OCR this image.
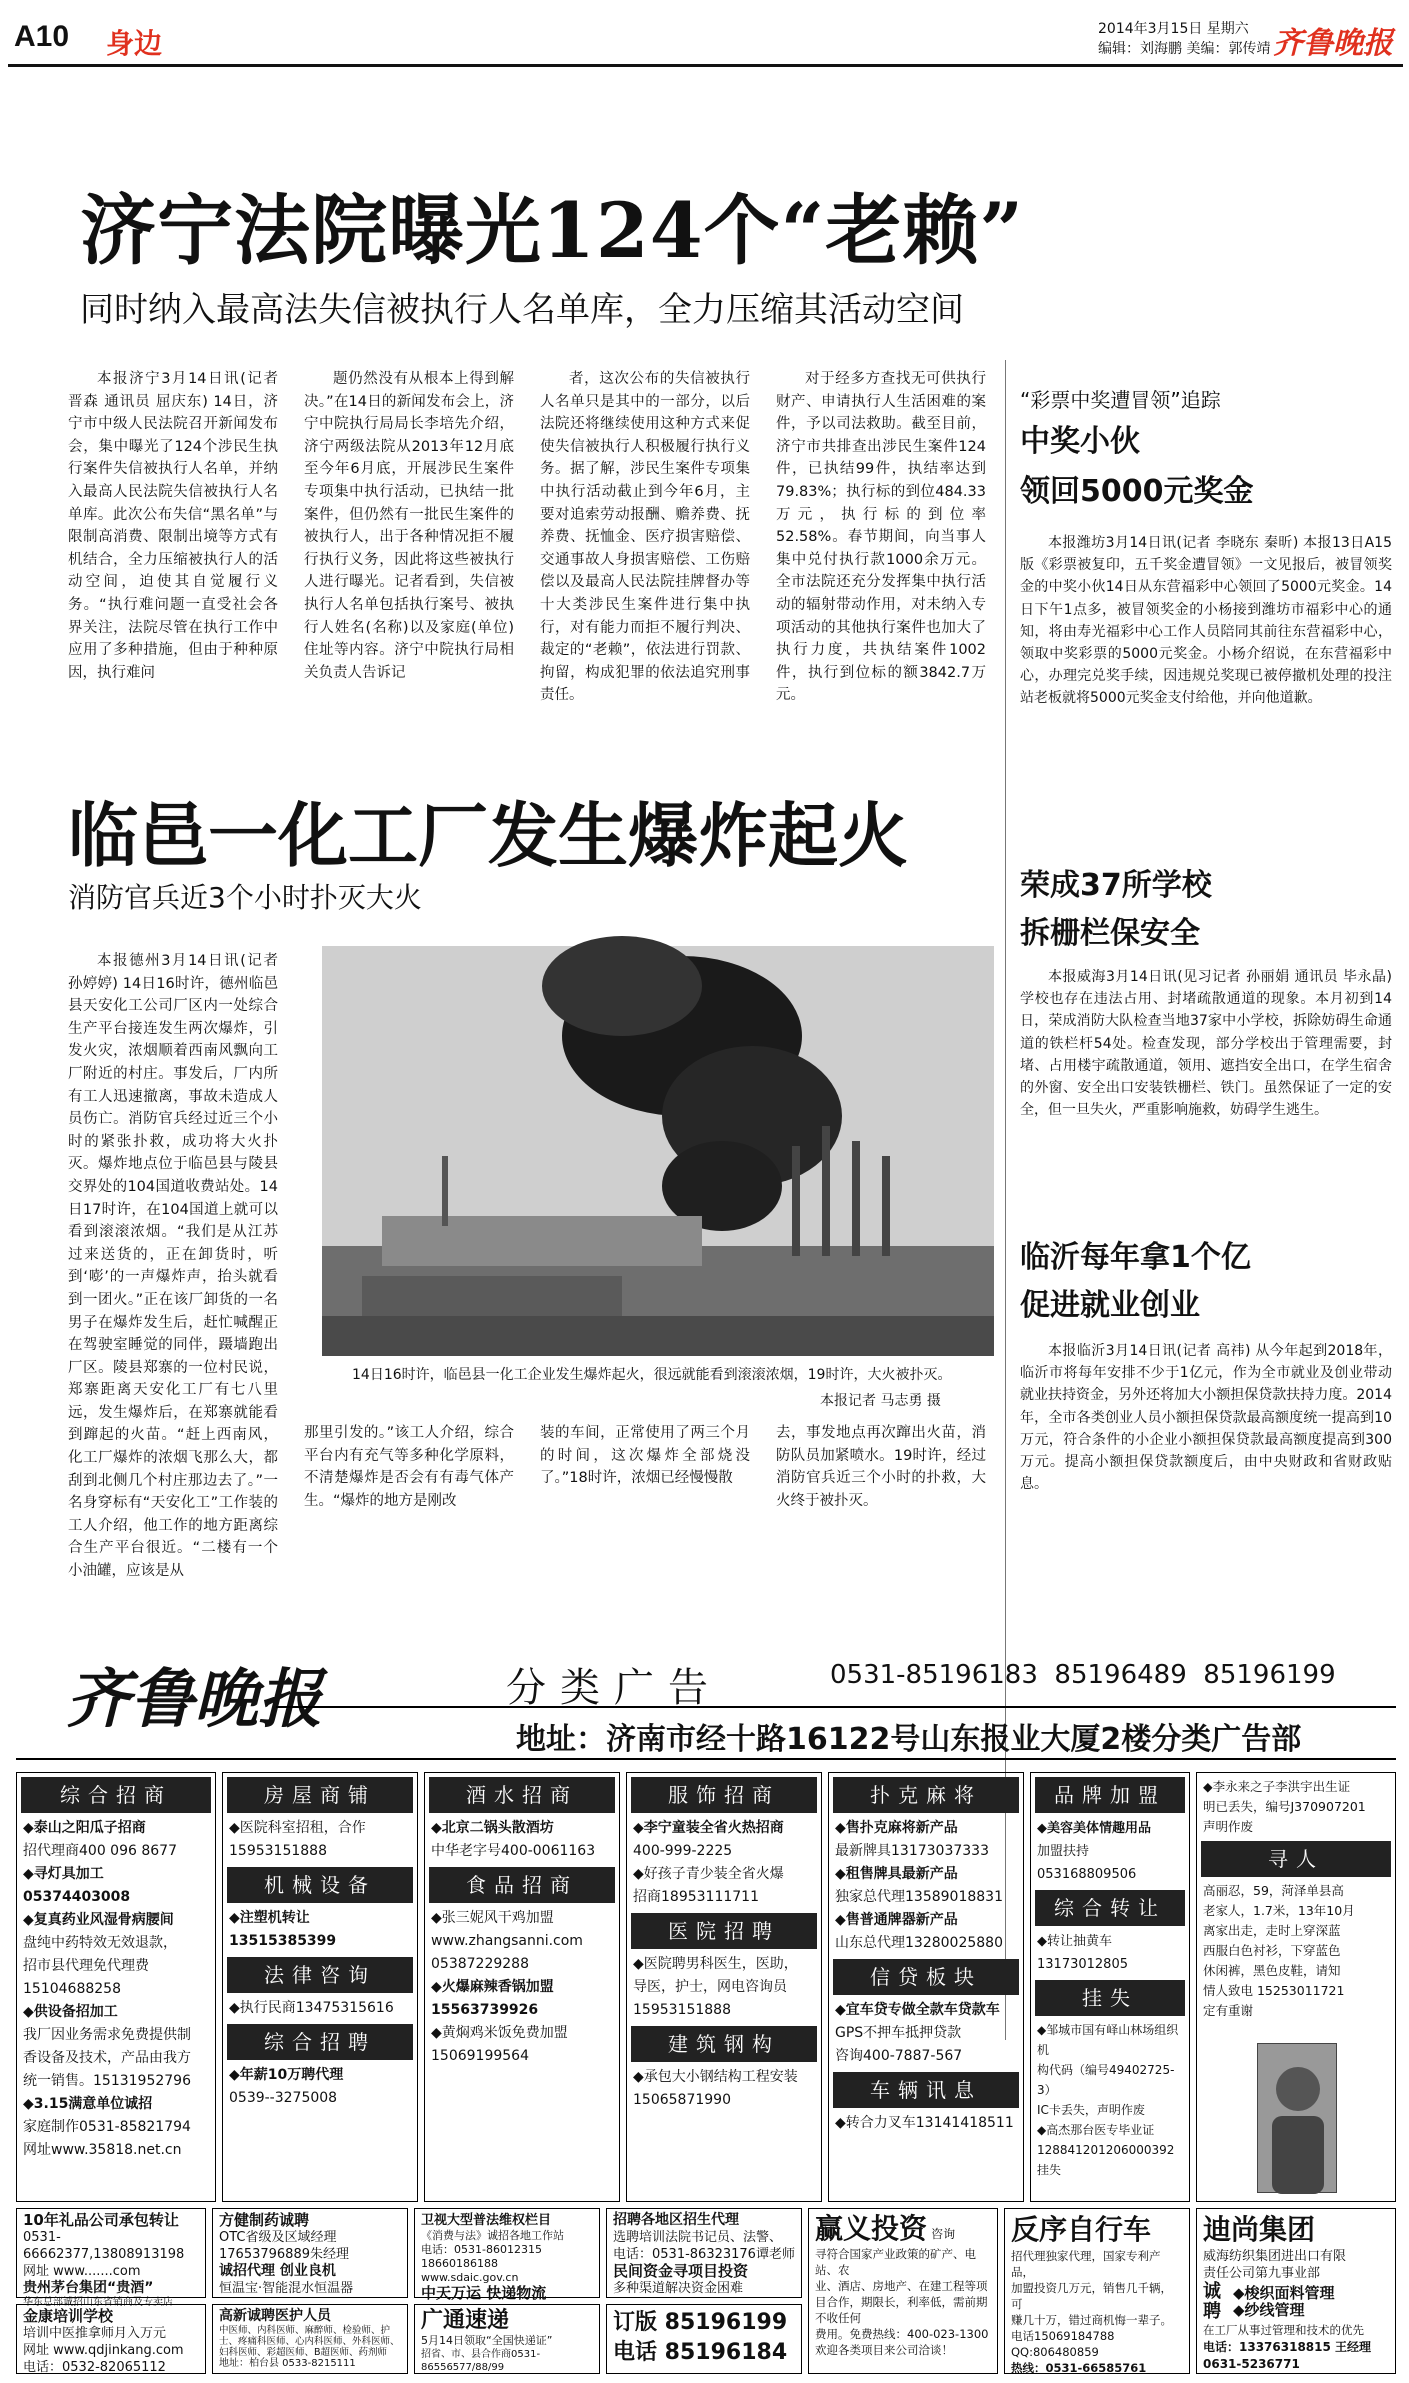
A10 身边	2014年3月15日 星期六
编辑：刘海鹏 美编：郭传靖 齐鲁晚报
济宁法院曝光124个“老赖”
同时纳入最高法失信被执行人名单库，全力压缩其活动空间

本报济宁3月14日讯(记者 晋森 通讯员 屈庆东) 14日，济宁市中级人民法院召开新闻发布会，集中曝光了124个涉民生执行案件失信被执行人名单，并纳入最高人民法院失信被执行人名单库。此次公布失信“黑名单”与限制高消费、限制出境等方式有机结合，全力压缩被执行人的活动空间，迫使其自觉履行义务。“执行难问题一直受社会各界关注，法院尽管在执行工作中应用了多种措施，但由于种种原因，执行难问

题仍然没有从根本上得到解决。”在14日的新闻发布会上，济宁中院执行局局长李培先介绍，济宁两级法院从2013年12月底至今年6月底，开展涉民生案件专项集中执行活动，已执结一批案件，但仍然有一批民生案件的被执行人，出于各种情况拒不履行执行义务，因此将这些被执行人进行曝光。记者看到，失信被执行人名单包括执行案号、被执行人姓名(名称)以及家庭(单位)住址等内容。济宁中院执行局相关负责人告诉记

者，这次公布的失信被执行人名单只是其中的一部分，以后法院还将继续使用这种方式来促使失信被执行人积极履行执行义务。据了解，涉民生案件专项集中执行活动截止到今年6月，主要对追索劳动报酬、赡养费、抚养费、抚恤金、医疗损害赔偿、交通事故人身损害赔偿、工伤赔偿以及最高人民法院挂牌督办等十大类涉民生案件进行集中执行，对有能力而拒不履行判决、裁定的“老赖”，依法进行罚款、拘留，构成犯罪的依法追究刑事责任。

对于经多方查找无可供执行财产、申请执行人生活困难的案件，予以司法救助。截至目前，济宁市共排查出涉民生案件124件，已执结99件，执结率达到79.83%；执行标的到位484.33万元，执行标的到位率52.58%。春节期间，向当事人集中兑付执行款1000余万元。全市法院还充分发挥集中执行活动的辐射带动作用，对未纳入专项活动的其他执行案件也加大了执行力度，共执结案件1002件，执行到位标的额3842.7万元。

“彩票中奖遭冒领”追踪
中奖小伙
领回5000元奖金

本报潍坊3月14日讯(记者 李晓东 秦昕) 本报13日A15版《彩票被复印，五千奖金遭冒领》一文见报后，被冒领奖金的中奖小伙14日从东营福彩中心领回了5000元奖金。14日下午1点多，被冒领奖金的小杨接到潍坊市福彩中心的通知，将由寿光福彩中心工作人员陪同其前往东营福彩中心，领取中奖彩票的5000元奖金。小杨介绍说，在东营福彩中心，办理完兑奖手续，因违规兑奖现已被停撤机处理的投注站老板就将5000元奖金支付给他，并向他道歉。

荣成37所学校
拆栅栏保安全

本报威海3月14日讯(见习记者 孙丽娟 通讯员 毕永晶) 学校也存在违法占用、封堵疏散通道的现象。本月初到14日，荣成消防大队检查当地37家中小学校，拆除妨碍生命通道的铁栏杆54处。检查发现，部分学校出于管理需要，封堵、占用楼宇疏散通道，领用、遮挡安全出口，在学生宿舍的外窗、安全出口安装铁栅栏、铁门。虽然保证了一定的安全，但一旦失火，严重影响施救，妨碍学生逃生。

临沂每年拿1个亿
促进就业创业

本报临沂3月14日讯(记者 高祎) 从今年起到2018年，临沂市将每年安排不少于1亿元，作为全市就业及创业带动就业扶持资金，另外还将加大小额担保贷款扶持力度。2014年，全市各类创业人员小额担保贷款最高额度统一提高到10万元，符合条件的小企业小额担保贷款最高额度提高到300万元。提高小额担保贷款额度后，由中央财政和省财政贴息。

临邑一化工厂发生爆炸起火
消防官兵近3个小时扑灭大火

本报德州3月14日讯(记者 孙婷婷) 14日16时许，德州临邑县天安化工公司厂区内一处综合生产平台接连发生两次爆炸，引发火灾，浓烟顺着西南风飘向工厂附近的村庄。事发后，厂内所有工人迅速撤离，事故未造成人员伤亡。消防官兵经过近三个小时的紧张扑救，成功将大火扑灭。爆炸地点位于临邑县与陵县交界处的104国道收费站处。14日17时许，在104国道上就可以看到滚滚浓烟。“我们是从江苏过来送货的，正在卸货时，听到‘嘭’的一声爆炸声，抬头就看到一团火。”正在该厂卸货的一名男子在爆炸发生后，赶忙喊醒正在驾驶室睡觉的同伴，蹑墙跑出厂区。陵县郑寨的一位村民说，郑寨距离天安化工厂有七八里远，发生爆炸后，在郑寨就能看到蹿起的火苗。“赶上西南风，化工厂爆炸的浓烟飞那么大，都刮到北侧几个村庄那边去了。”一名身穿标有“天安化工”工作装的工人介绍，他工作的地方距离综合生产平台很近。“二楼有一个小油罐，应该是从

14日16时许，临邑县一化工企业发生爆炸起火，很远就能看到滚滚浓烟，19时许，大火被扑灭。
本报记者 马志勇 摄

那里引发的。”该工人介绍，综合平台内有充气等多种化学原料，不清楚爆炸是否会有有毒气体产生。“爆炸的地方是刚改

装的车间，正常使用了两三个月的时间，这次爆炸全部烧没了。”18时许，浓烟已经慢慢散

去，事发地点再次蹿出火苗，消防队员加紧喷水。19时许，经过消防官兵近三个小时的扑救，大火终于被扑灭。

齐鲁晚报	分类广告	0531-85196183  85196489  85196199
地址：济南市经十路16122号山东报业大厦2楼分类广告部
综合招商
◆泰山之阳瓜子招商
招代理商400 096 8677
◆寻灯具加工05374403008
◆复真药业风湿骨病腰间
盘纯中药特效无效退款，
招市县代理免代理费
15104688258
◆供设备招加工
我厂因业务需求免费提供制
香设备及技术，产品由我方
统一销售。15131952796
◆3.15满意单位诚招
家庭制作0531-85821794
网址www.35818.net.cn
房屋商铺
◆医院科室招租，合作
15953151888
机械设备
◆注塑机转让13515385399
法律咨询
◆执行民商13475315616
综合招聘
◆年薪10万聘代理
0539--3275008
酒水招商
◆北京二锅头散酒坊
中华老字号400-0061163
食品招商
◆张三妮风干鸡加盟
www.zhangsanni.com
05387229288
◆火爆麻辣香锅加盟
15563739926
◆黄焖鸡米饭免费加盟
15069199564
服饰招商
◆李宁童装全省火热招商
400-999-2225
◆好孩子青少装全省火爆
招商18953111711
医院招聘
◆医院聘男科医生，医助，
导医，护士，网电咨询员
15953151888
建筑钢构
◆承包大小钢结构工程安装
15065871990
扑克麻将
◆售扑克麻将新产品
最新牌具13173037333
◆租售牌具最新产品
独家总代理13589018831
◆售普通牌器新产品
山东总代理13280025880
信贷板块
◆宜车贷专做全款车贷款车
GPS不押车抵押贷款
咨询400-7887-567
车辆讯息
◆转合力叉车13141418511
品牌加盟
◆美容美体情趣用品
加盟扶持053168809506
综合转让
◆转让抽黄车13173012805
挂失
◆邹城市国有峄山林场组织机
构代码（编号49402725-3）
IC卡丢失，声明作废
◆高杰那台医专毕业证
128841201206000392挂失
◆李永来之子李洪宇出生证
明已丢失，编号J370907201
声明作废
寻人
高丽忍，59，菏泽单县高
老家人，1.7米，13年10月
离家出走，走时上穿深蓝
西服白色衬衫，下穿蓝色
休闲裤，黑色皮鞋，请知
情人致电 15253011721
定有重谢
10年礼品公司承包转让
0531-66662377,13808913198
网址 www.......com
贵州茅台集团“贵酒”
华东总部诚招山东省销商及专卖店
方健制药诚聘
OTC省级及区域经理
17653796889朱经理
诚招代理 创业良机
恒温宝·智能混水恒温器
卫视大型普法维权栏目
《消费与法》诚招各地工作站
电话：0531-86012315 18660186188
www.sdaic.gov.cn
中天万运 快递物流
招聘各地区招生代理
选聘培训法院书记员、法警、
电话：0531-86323176谭老师
民间资金寻项目投资
多种渠道解决资金困难
赢义投资 咨询
寻符合国家产业政策的矿产、电站、农
业、酒店、房地产、在建工程等项
目合作，期限长，利率低，需前期不收任何
费用。免费热线：400-023-1300
欢迎各类项目来公司洽谈！
反序自行车
招代理独家代理，国家专利产品，
加盟投资几万元，销售几千辆，可
赚几十万，错过商机悔一辈子。
电话15069184788 QQ:806480859
热线：0531-66585761
迪尚集团
威海纺织集团进出口有限
责任公司第九事业部
诚聘
◆梭织面料管理
◆纱线管理
在工厂从事过管理和技术的优先
电话：13376318815 王经理
0631-5236771
金康培训学校
培训中医推拿师月入万元
网址 www.qdjinkang.com
电话：0532-82065112
高新诚聘医护人员
中医师、内科医师、麻醉师、检验师、护
士、疼痛科医师、心内科医师、外科医师、
妇科医师、彩超医师、B超医师、药剂师
地址：柏台县 0533-8215111
广通速递
5月14日领取“全国快递证”
招省、市、县合作商0531-86556577/88/99
订版 85196199
电话 85196184
